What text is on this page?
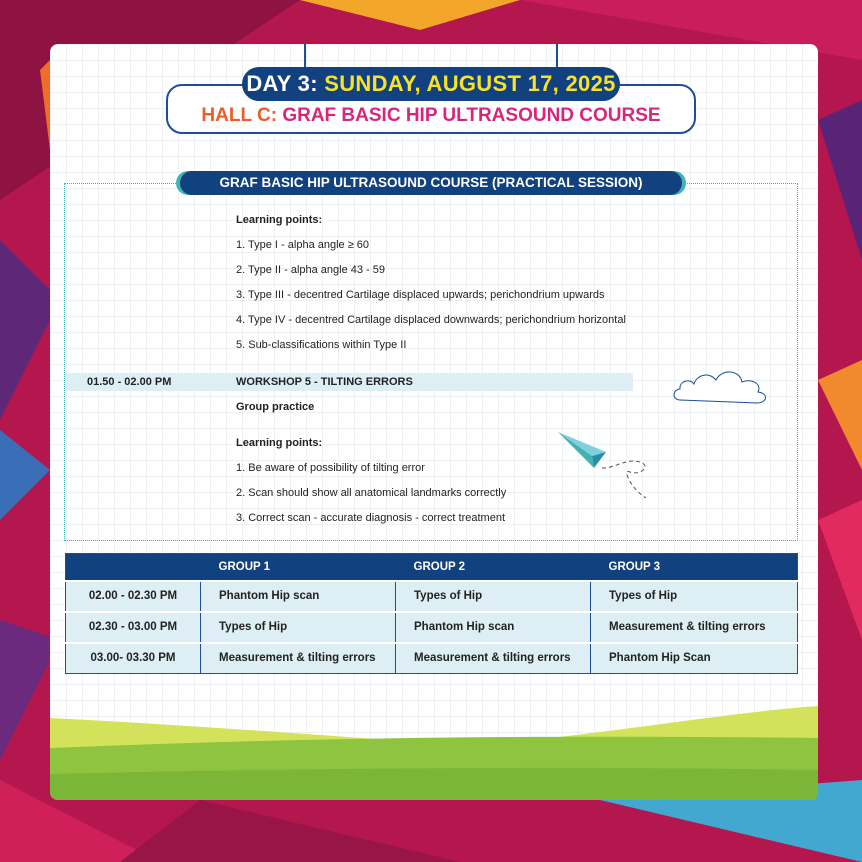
HALL C: GRAF BASIC HIP ULTRASOUND COURSE
DAY 3: SUNDAY, AUGUST 17, 2025
GRAF BASIC HIP ULTRASOUND COURSE (PRACTICAL SESSION)
Learning points:
1. Type I - alpha angle ≥ 60
2. Type II - alpha angle 43 - 59
3. Type III - decentred Cartilage displaced upwards; perichondrium upwards
4. Type IV - decentred Cartilage displaced downwards; perichondrium horizontal
5. Sub-classifications within Type II
01.50 - 02.00 PM	WORKSHOP 5 - TILTING ERRORS
Group practice
Learning points:
1. Be aware of possibility of tilting error
2. Scan should show all anatomical landmarks correctly
3. Correct scan - accurate diagnosis - correct treatment
	GROUP 1	GROUP 2	GROUP 3
02.00 - 02.30 PM	Phantom Hip scan	Types of Hip	Types of Hip
02.30 - 03.00 PM	Types of Hip	Phantom Hip scan	Measurement & tilting errors
03.00- 03.30 PM	Measurement & tilting errors	Measurement & tilting errors	Phantom Hip Scan
